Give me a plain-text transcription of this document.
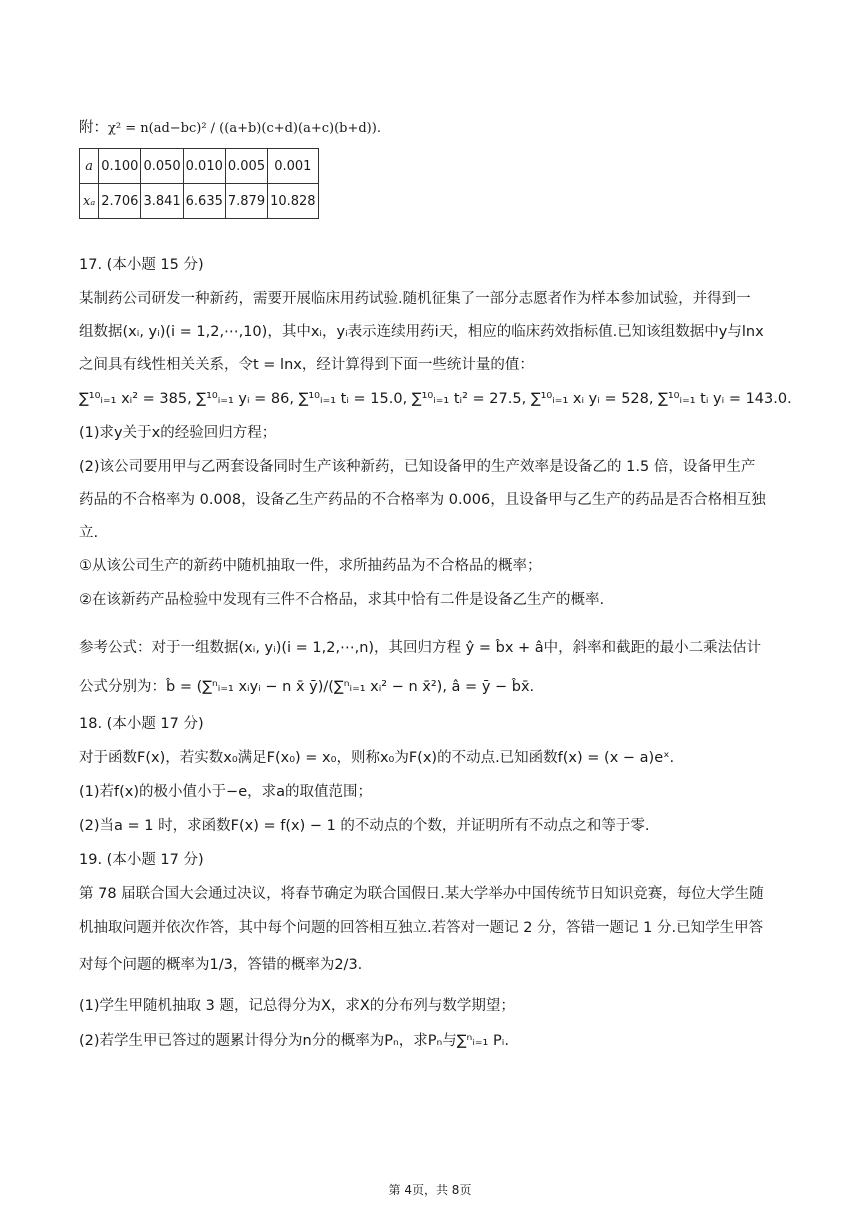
附：χ² = n(ad−bc)² / ((a+b)(c+d)(a+c)(b+d)).
a	0.100	0.050	0.010	0.005	0.001
xₐ	2.706	3.841	6.635	7.879	10.828
17. (本小题 15 分)
某制药公司研发一种新药，需要开展临床用药试验.随机征集了一部分志愿者作为样本参加试验，并得到一
组数据(xᵢ, yᵢ)(i = 1,2,⋯,10)，其中xᵢ，yᵢ表示连续用药i天，相应的临床药效指标值.已知该组数据中y与lnx
之间具有线性相关关系，令t = lnx，经计算得到下面一些统计量的值：
∑¹⁰ᵢ₌₁ xᵢ² = 385, ∑¹⁰ᵢ₌₁ yᵢ = 86, ∑¹⁰ᵢ₌₁ tᵢ = 15.0, ∑¹⁰ᵢ₌₁ tᵢ² = 27.5, ∑¹⁰ᵢ₌₁ xᵢ yᵢ = 528, ∑¹⁰ᵢ₌₁ tᵢ yᵢ = 143.0.
(1)求y关于x的经验回归方程；
(2)该公司要用甲与乙两套设备同时生产该种新药，已知设备甲的生产效率是设备乙的 1.5 倍，设备甲生产
药品的不合格率为 0.008，设备乙生产药品的不合格率为 0.006，且设备甲与乙生产的药品是否合格相互独
立.
①从该公司生产的新药中随机抽取一件，求所抽药品为不合格品的概率；
②在该新药产品检验中发现有三件不合格品，求其中恰有二件是设备乙生产的概率.
参考公式：对于一组数据(xᵢ, yᵢ)(i = 1,2,⋯,n)，其回归方程 ŷ = b̂x + â中，斜率和截距的最小二乘法估计
公式分别为：b̂ = (∑ⁿᵢ₌₁ xᵢyᵢ − n x̄ ȳ)/(∑ⁿᵢ₌₁ xᵢ² − n x̄²), â = ȳ − b̂x̄.
18. (本小题 17 分)
对于函数F(x)，若实数x₀满足F(x₀) = x₀，则称x₀为F(x)的不动点.已知函数f(x) = (x − a)eˣ.
(1)若f(x)的极小值小于−e，求a的取值范围；
(2)当a = 1 时，求函数F(x) = f(x) − 1 的不动点的个数，并证明所有不动点之和等于零.
19. (本小题 17 分)
第 78 届联合国大会通过决议，将春节确定为联合国假日.某大学举办中国传统节日知识竞赛，每位大学生随
机抽取问题并依次作答，其中每个问题的回答相互独立.若答对一题记 2 分，答错一题记 1 分.已知学生甲答
对每个问题的概率为1/3，答错的概率为2/3.
(1)学生甲随机抽取 3 题，记总得分为X，求X的分布列与数学期望；
(2)若学生甲已答过的题累计得分为n分的概率为Pₙ，求Pₙ与∑ⁿᵢ₌₁ Pᵢ.
第 4页，共 8页
